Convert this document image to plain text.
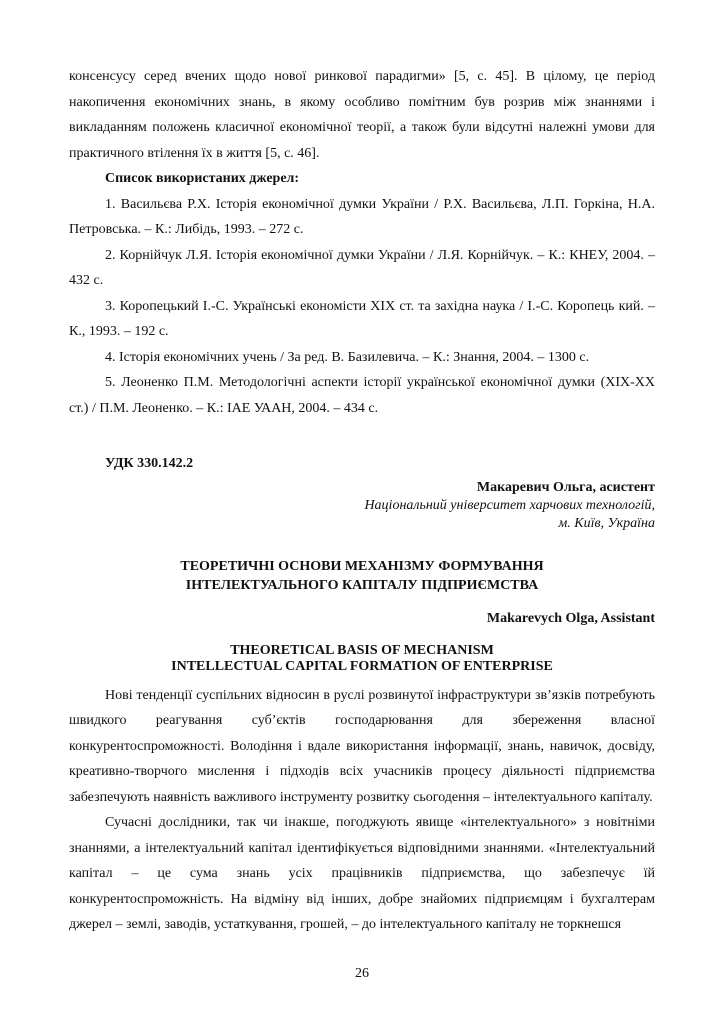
консенсусу серед вчених щодо нової ринкової парадигми» [5, с. 45]. В цілому, це період накопичення економічних знань, в якому особливо помітним був розрив між знаннями і викладанням положень класичної економічної теорії, а також були відсутні належні умови для практичного втілення їх в життя [5, с. 46].

Список використаних джерел:

1. Васильєва Р.Х. Історія економічної думки України / Р.Х. Васильєва, Л.П. Горкіна, Н.А. Петровська. – К.: Либідь, 1993. – 272 с.

2. Корнійчук Л.Я. Історія економічної думки України / Л.Я. Корнійчук. – К.: КНЕУ, 2004. – 432 с.

3. Коропецький І.-С. Українські економісти XIX ст. та західна наука / І.-С. Коропець кий. – К., 1993. – 192 с.

4. Історія економічних учень / За ред. В. Базилевича. – К.: Знання, 2004. – 1300 с.

5. Леоненко П.М. Методологічні аспекти історії української економічної думки (XIX-XX ст.) / П.М. Леоненко. – К.: ІАЕ УААН, 2004. – 434 с.

УДК 330.142.2

Макаревич Ольга, асистент

Національний університет харчових технологій,

м. Київ, Україна

ТЕОРЕТИЧНІ ОСНОВИ МЕХАНІЗМУ ФОРМУВАННЯ
ІНТЕЛЕКТУАЛЬНОГО КАПІТАЛУ ПІДПРИЄМСТВА

Makarevych Olga, Assistant

THEORETICAL BASIS OF MECHANISM
INTELLECTUAL CAPITAL FORMATION OF ENTERPRISE

Нові тенденції суспільних відносин в руслі розвинутої інфраструктури зв’язків потребують швидкого реагування суб’єктів господарювання для збереження власної конкурентоспроможності. Володіння і вдале використання інформації, знань, навичок, досвіду, креативно-творчого мислення і підходів всіх учасників процесу діяльності підприємства забезпечують наявність важливого інструменту розвитку сьогодення – інтелектуального капіталу.

Сучасні дослідники, так чи інакше, погоджують явище «інтелектуального» з новітніми знаннями, а інтелектуальний капітал ідентифікується відповідними знаннями. «Інтелектуальний капітал – це сума знань усіх працівників підприємства, що забезпечує їй конкурентоспроможність. На відміну від інших, добре знайомих підприємцям і бухгалтерам джерел – землі, заводів, устаткування, грошей, – до інтелектуального капіталу не торкнешся

26
